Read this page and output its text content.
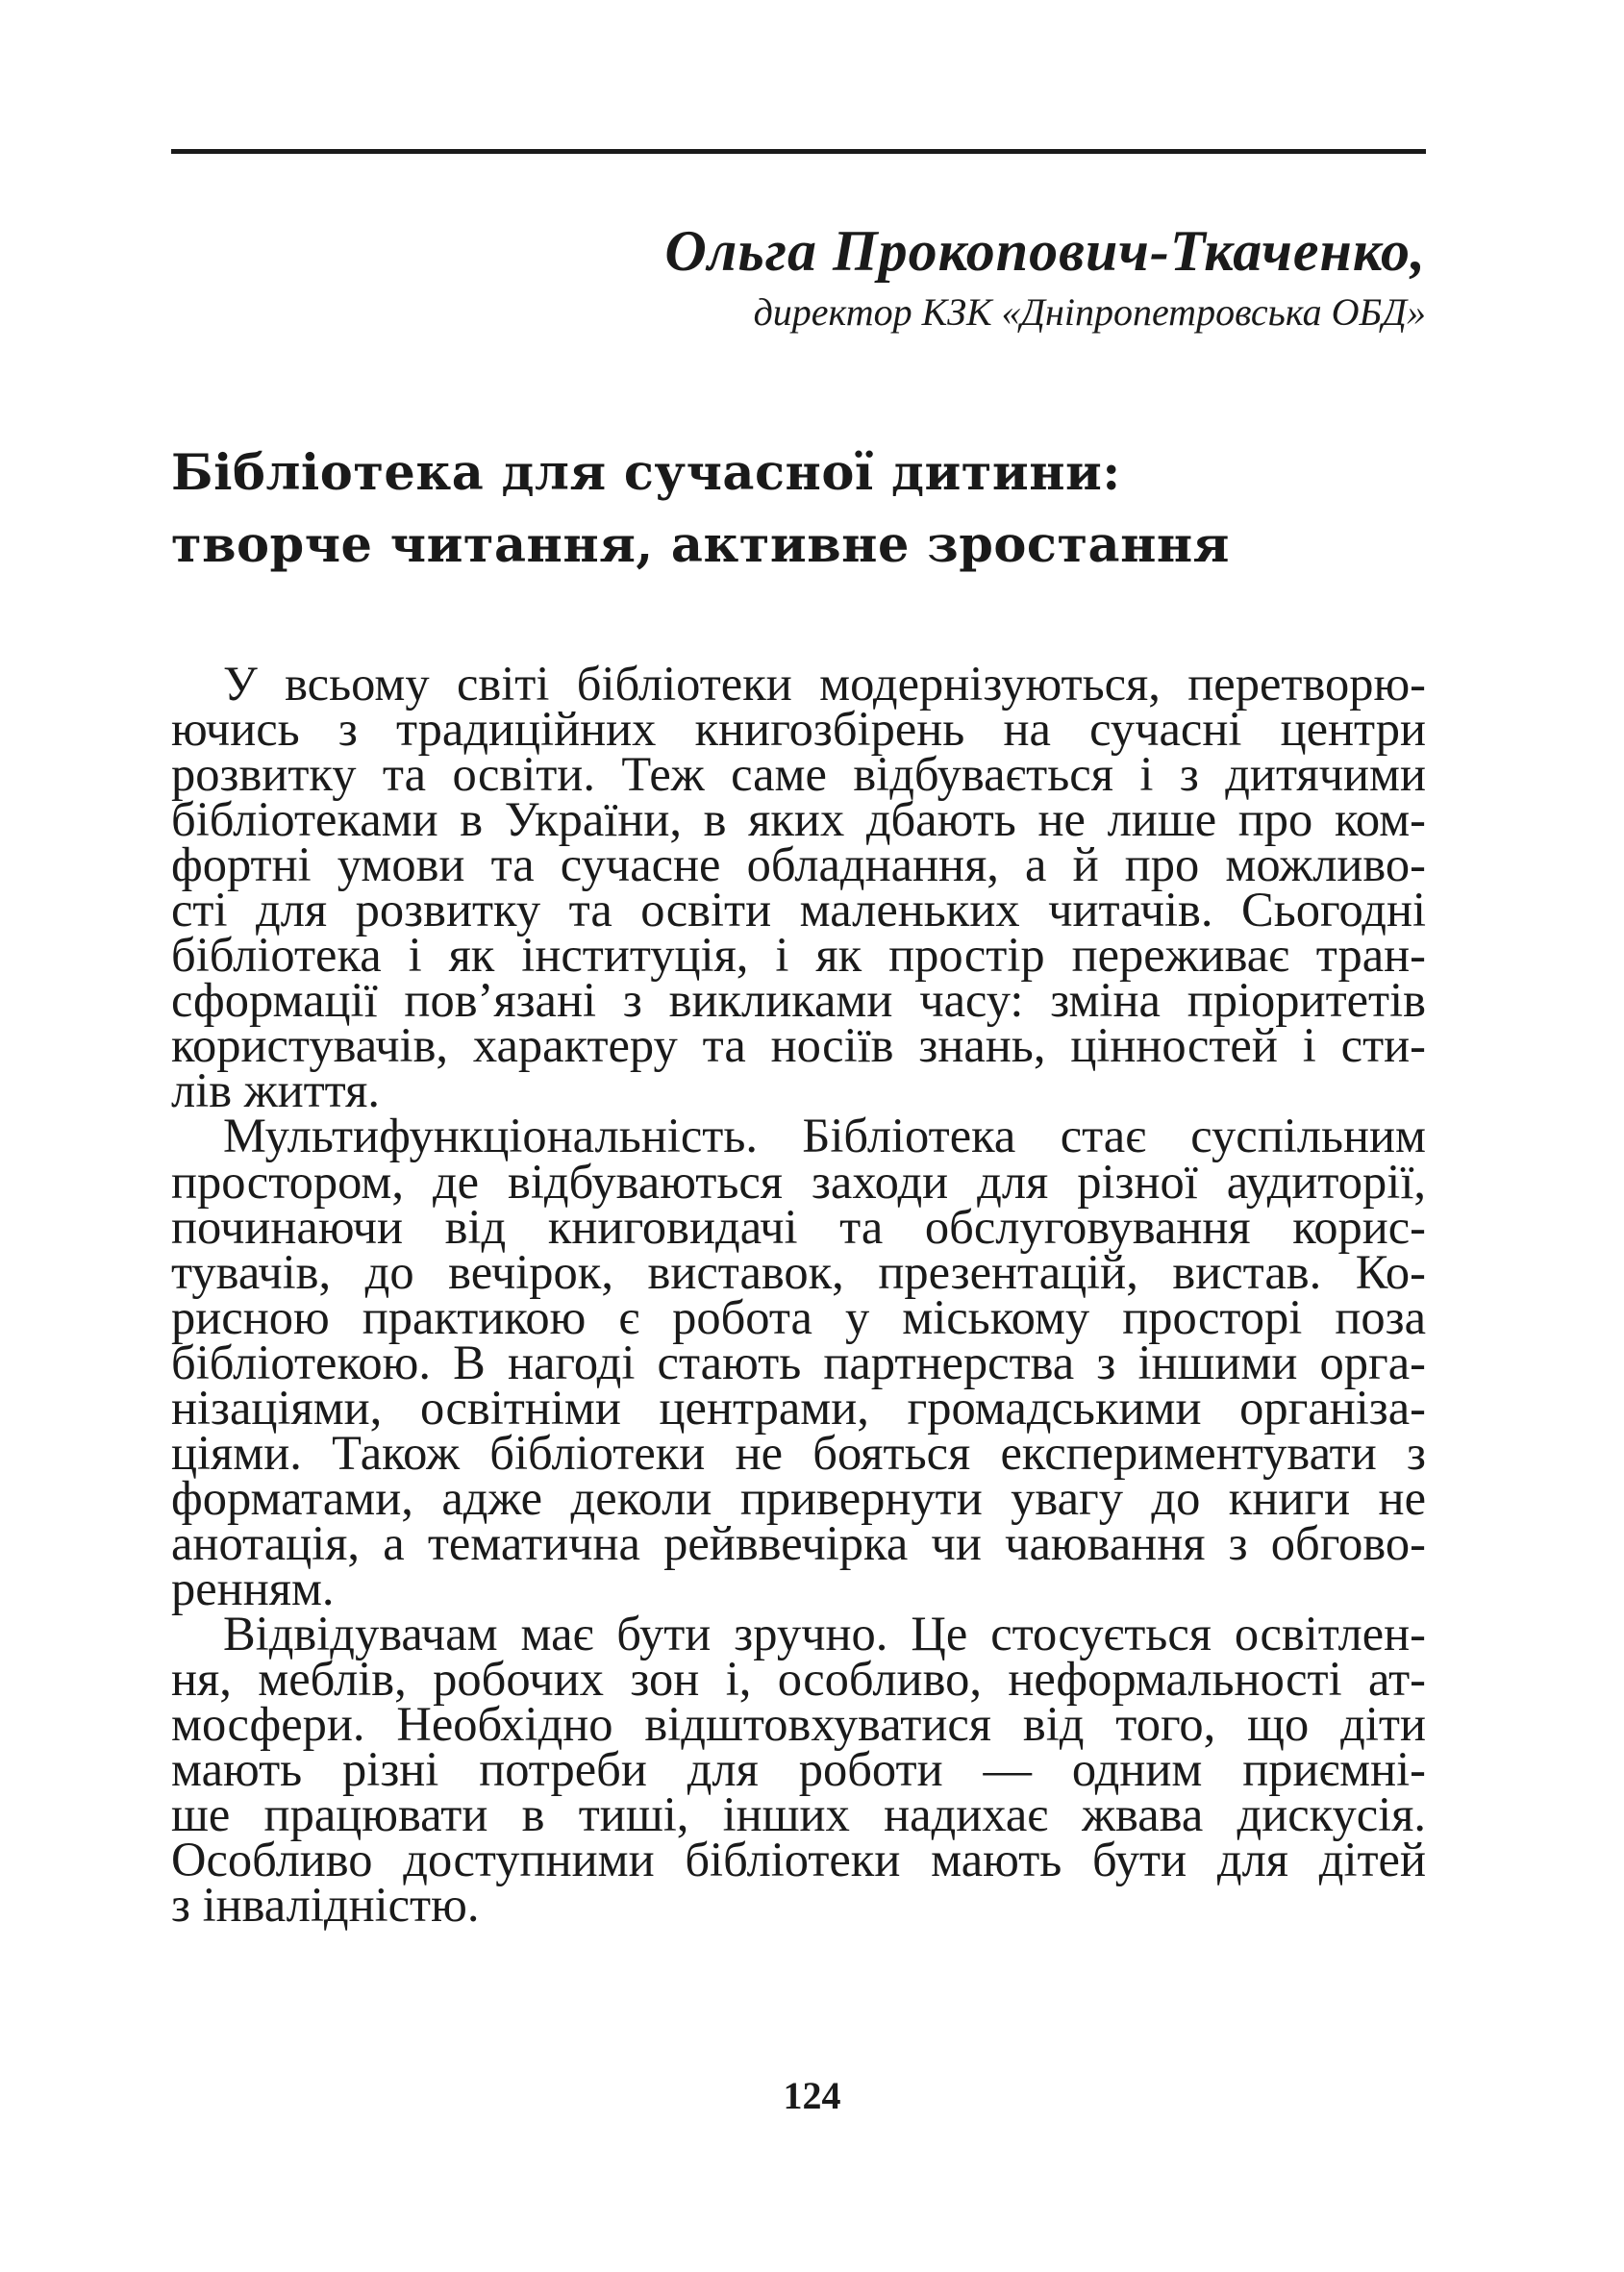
Ольга Прокопович-Ткаченко,
директор КЗК «Дніпропетровська ОБД»
Бібліотека для сучасної дитини:
творче читання, активне зростання
У всьому світі бібліотеки модернізуються, перетворю-
ючись з традиційних книгозбірень на сучасні центри
розвитку та освіти. Теж саме відбувається і з дитячими
бібліотеками в України, в яких дбають не лише про ком-
фортні умови та сучасне обладнання, а й про можливо-
сті для розвитку та освіти маленьких читачів. Сьогодні
бібліотека і як інституція, і як простір переживає тран-
сформації пов’язані з викликами часу: зміна пріоритетів
користувачів, характеру та носіїв знань, цінностей і сти-
лів життя.
Мультифункціональність. Бібліотека стає суспільним
простором, де відбуваються заходи для різної аудиторії,
починаючи від книговидачі та обслуговування корис-
тувачів, до вечірок, виставок, презентацій, вистав. Ко-
рисною практикою є робота у міському просторі поза
бібліотекою. В нагоді стають партнерства з іншими орга-
нізаціями, освітніми центрами, громадськими організа-
ціями. Також бібліотеки не бояться експериментувати з
форматами, адже деколи привернути увагу до книги не
анотація, а тематична рейввечірка чи чаювання з обгово-
ренням.
Відвідувачам має бути зручно. Це стосується освітлен-
ня, меблів, робочих зон і, особливо, неформальності ат-
мосфери. Необхідно відштовхуватися від того, що діти
мають різні потреби для роботи — одним приємні-
ше працювати в тиші, інших надихає жвава дискусія.
Особливо доступними бібліотеки мають бути для дітей
з інвалідністю.
124
